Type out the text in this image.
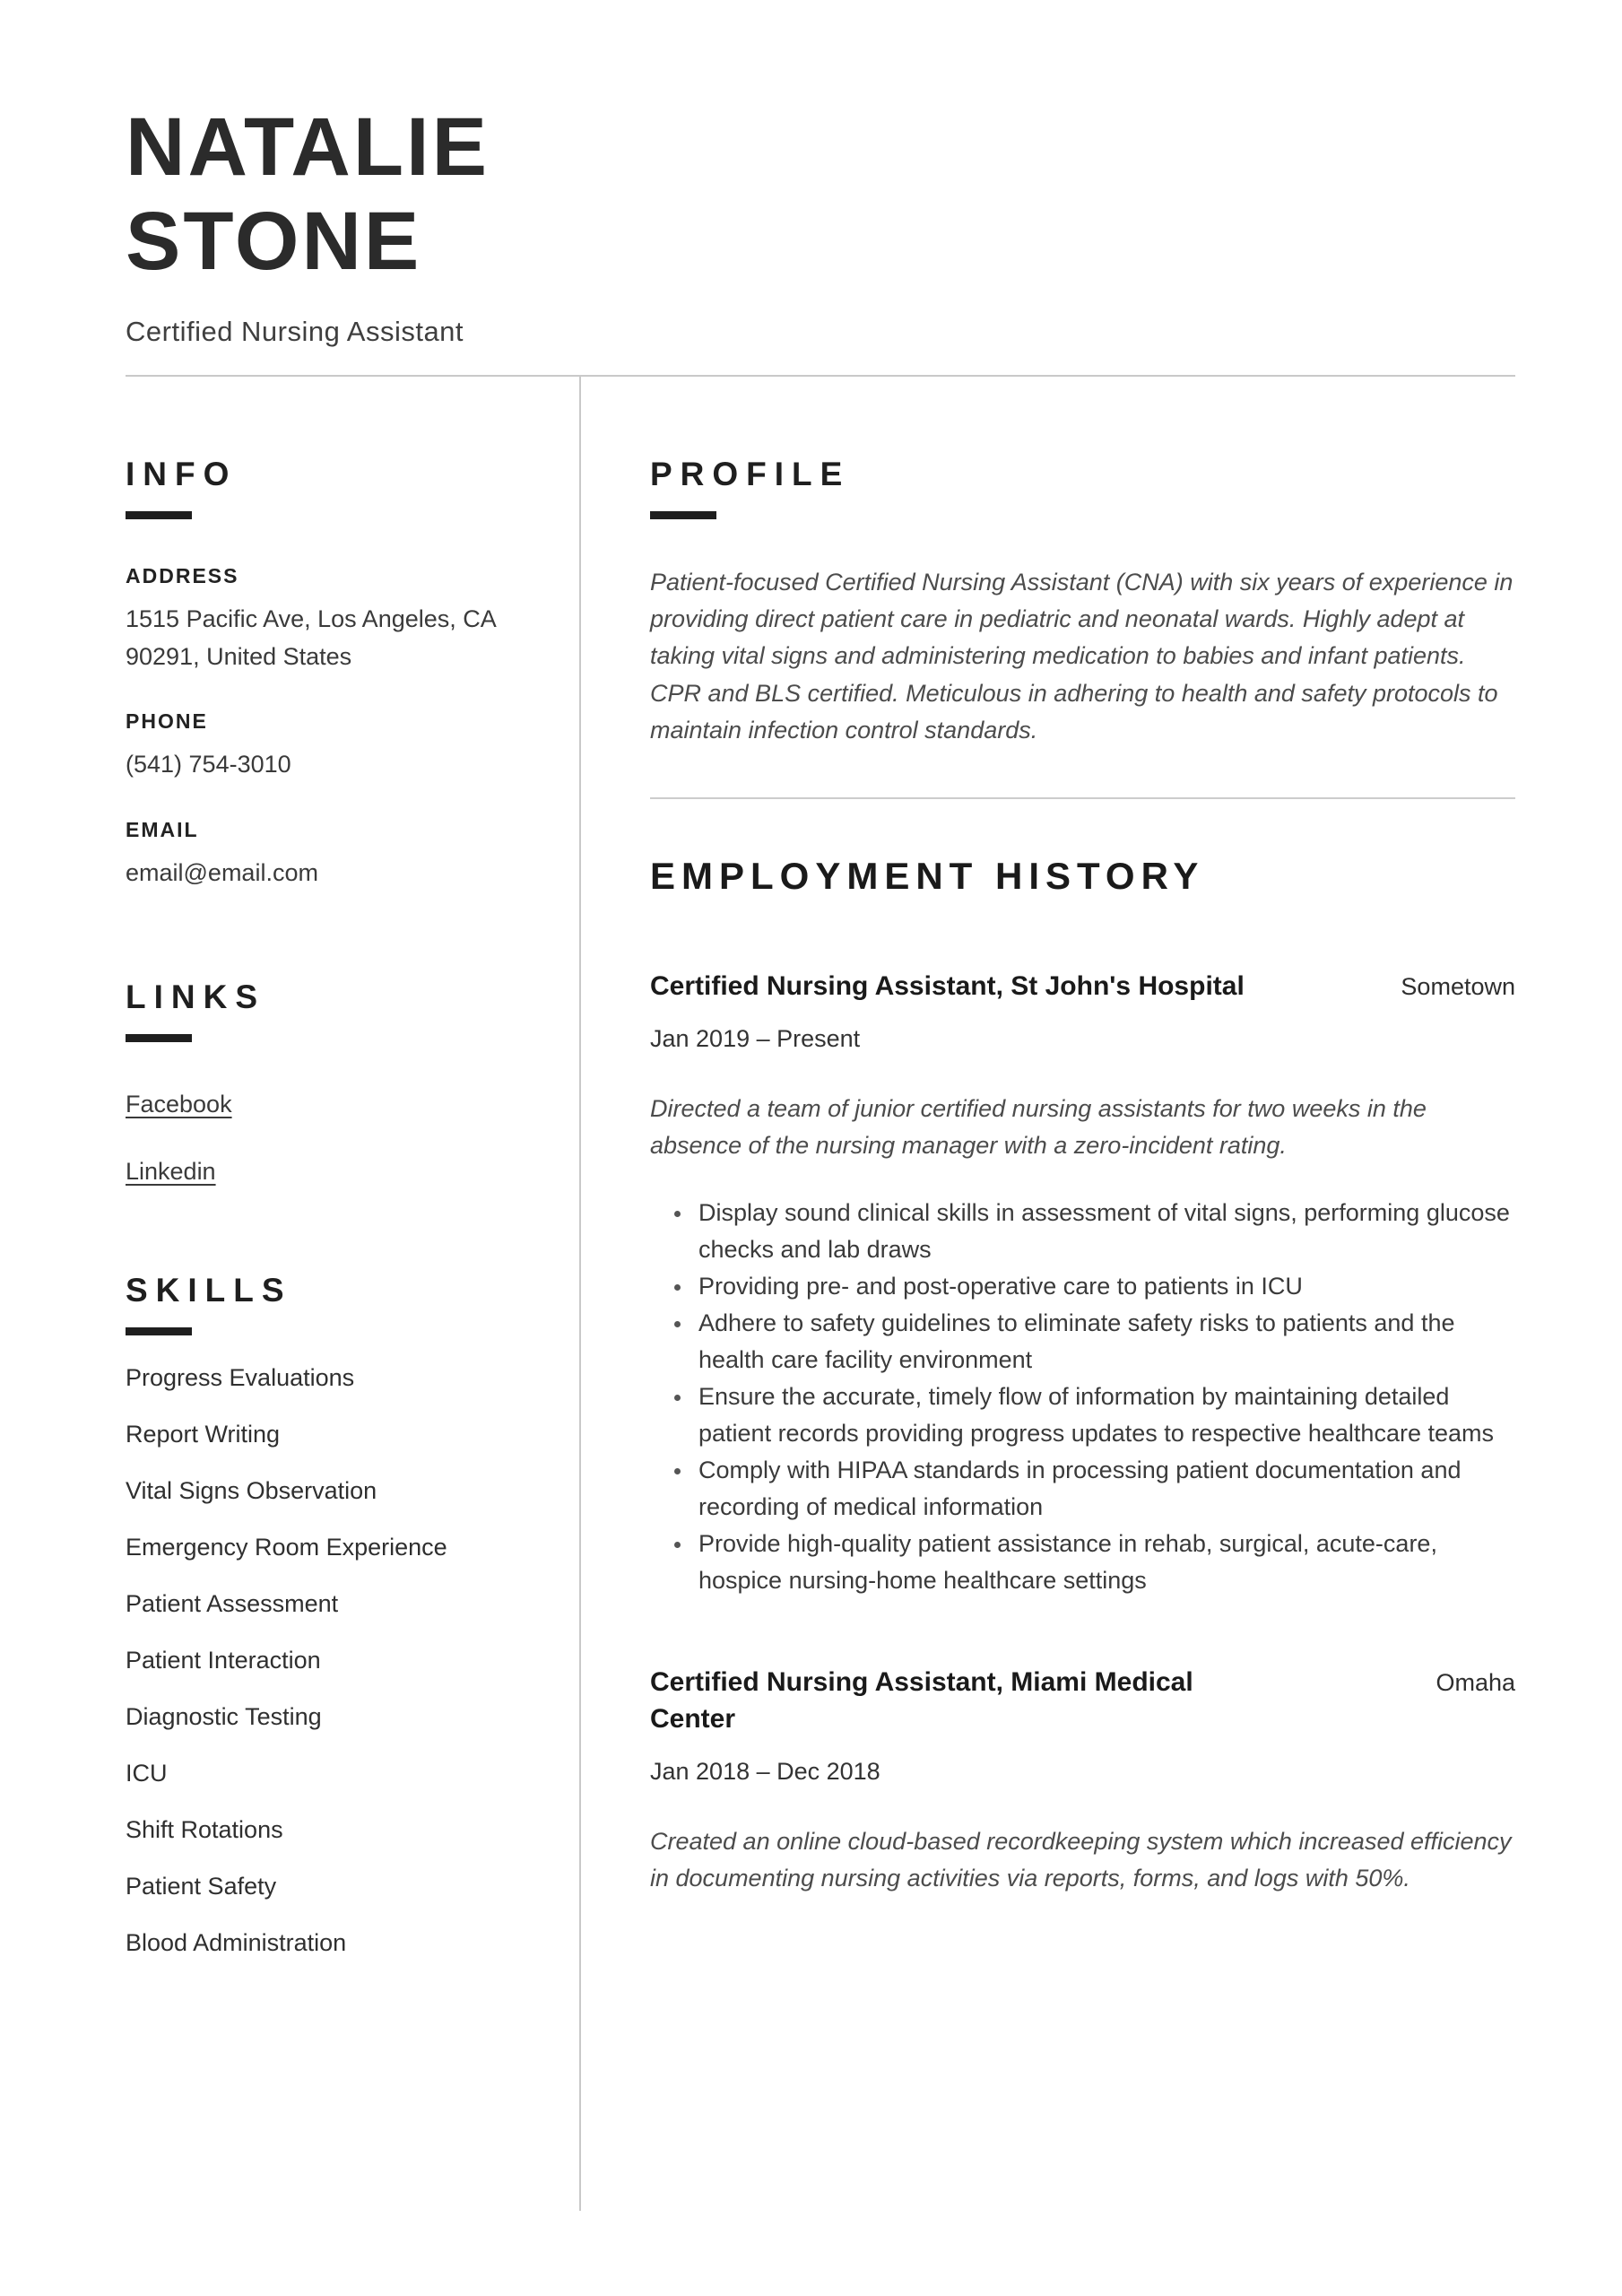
NATALIE STONE
Certified Nursing Assistant
INFO
ADDRESS
1515 Pacific Ave, Los Angeles, CA 90291, United States
PHONE
(541) 754-3010
EMAIL
email@email.com
LINKS
Facebook
Linkedin
SKILLS
Progress Evaluations
Report Writing
Vital Signs Observation
Emergency Room Experience
Patient Assessment
Patient Interaction
Diagnostic Testing
ICU
Shift Rotations
Patient Safety
Blood Administration
PROFILE
Patient-focused Certified Nursing Assistant (CNA) with six years of experience in providing direct patient care in pediatric and neonatal wards. Highly adept at taking vital signs and administering medication to babies and infant patients. CPR and BLS certified. Meticulous in adhering to health and safety protocols to maintain infection control standards.
EMPLOYMENT HISTORY
Certified Nursing Assistant, St John's Hospital	Sometown
Jan 2019 – Present
Directed a team of junior certified nursing assistants for two weeks in the absence of the nursing manager with a zero-incident rating.
• Display sound clinical skills in assessment of vital signs, performing glucose checks and lab draws
• Providing pre- and post-operative care to patients in ICU
• Adhere to safety guidelines to eliminate safety risks to patients and the health care facility environment
• Ensure the accurate, timely flow of information by maintaining detailed patient records providing progress updates to respective healthcare teams
• Comply with HIPAA standards in processing patient documentation and recording of medical information
• Provide high-quality patient assistance in rehab, surgical, acute-care, hospice nursing-home healthcare settings
Certified Nursing Assistant, Miami Medical Center
Omaha
Jan 2018 – Dec 2018
Created an online cloud-based recordkeeping system which increased efficiency in documenting nursing activities via reports, forms, and logs with 50%.
